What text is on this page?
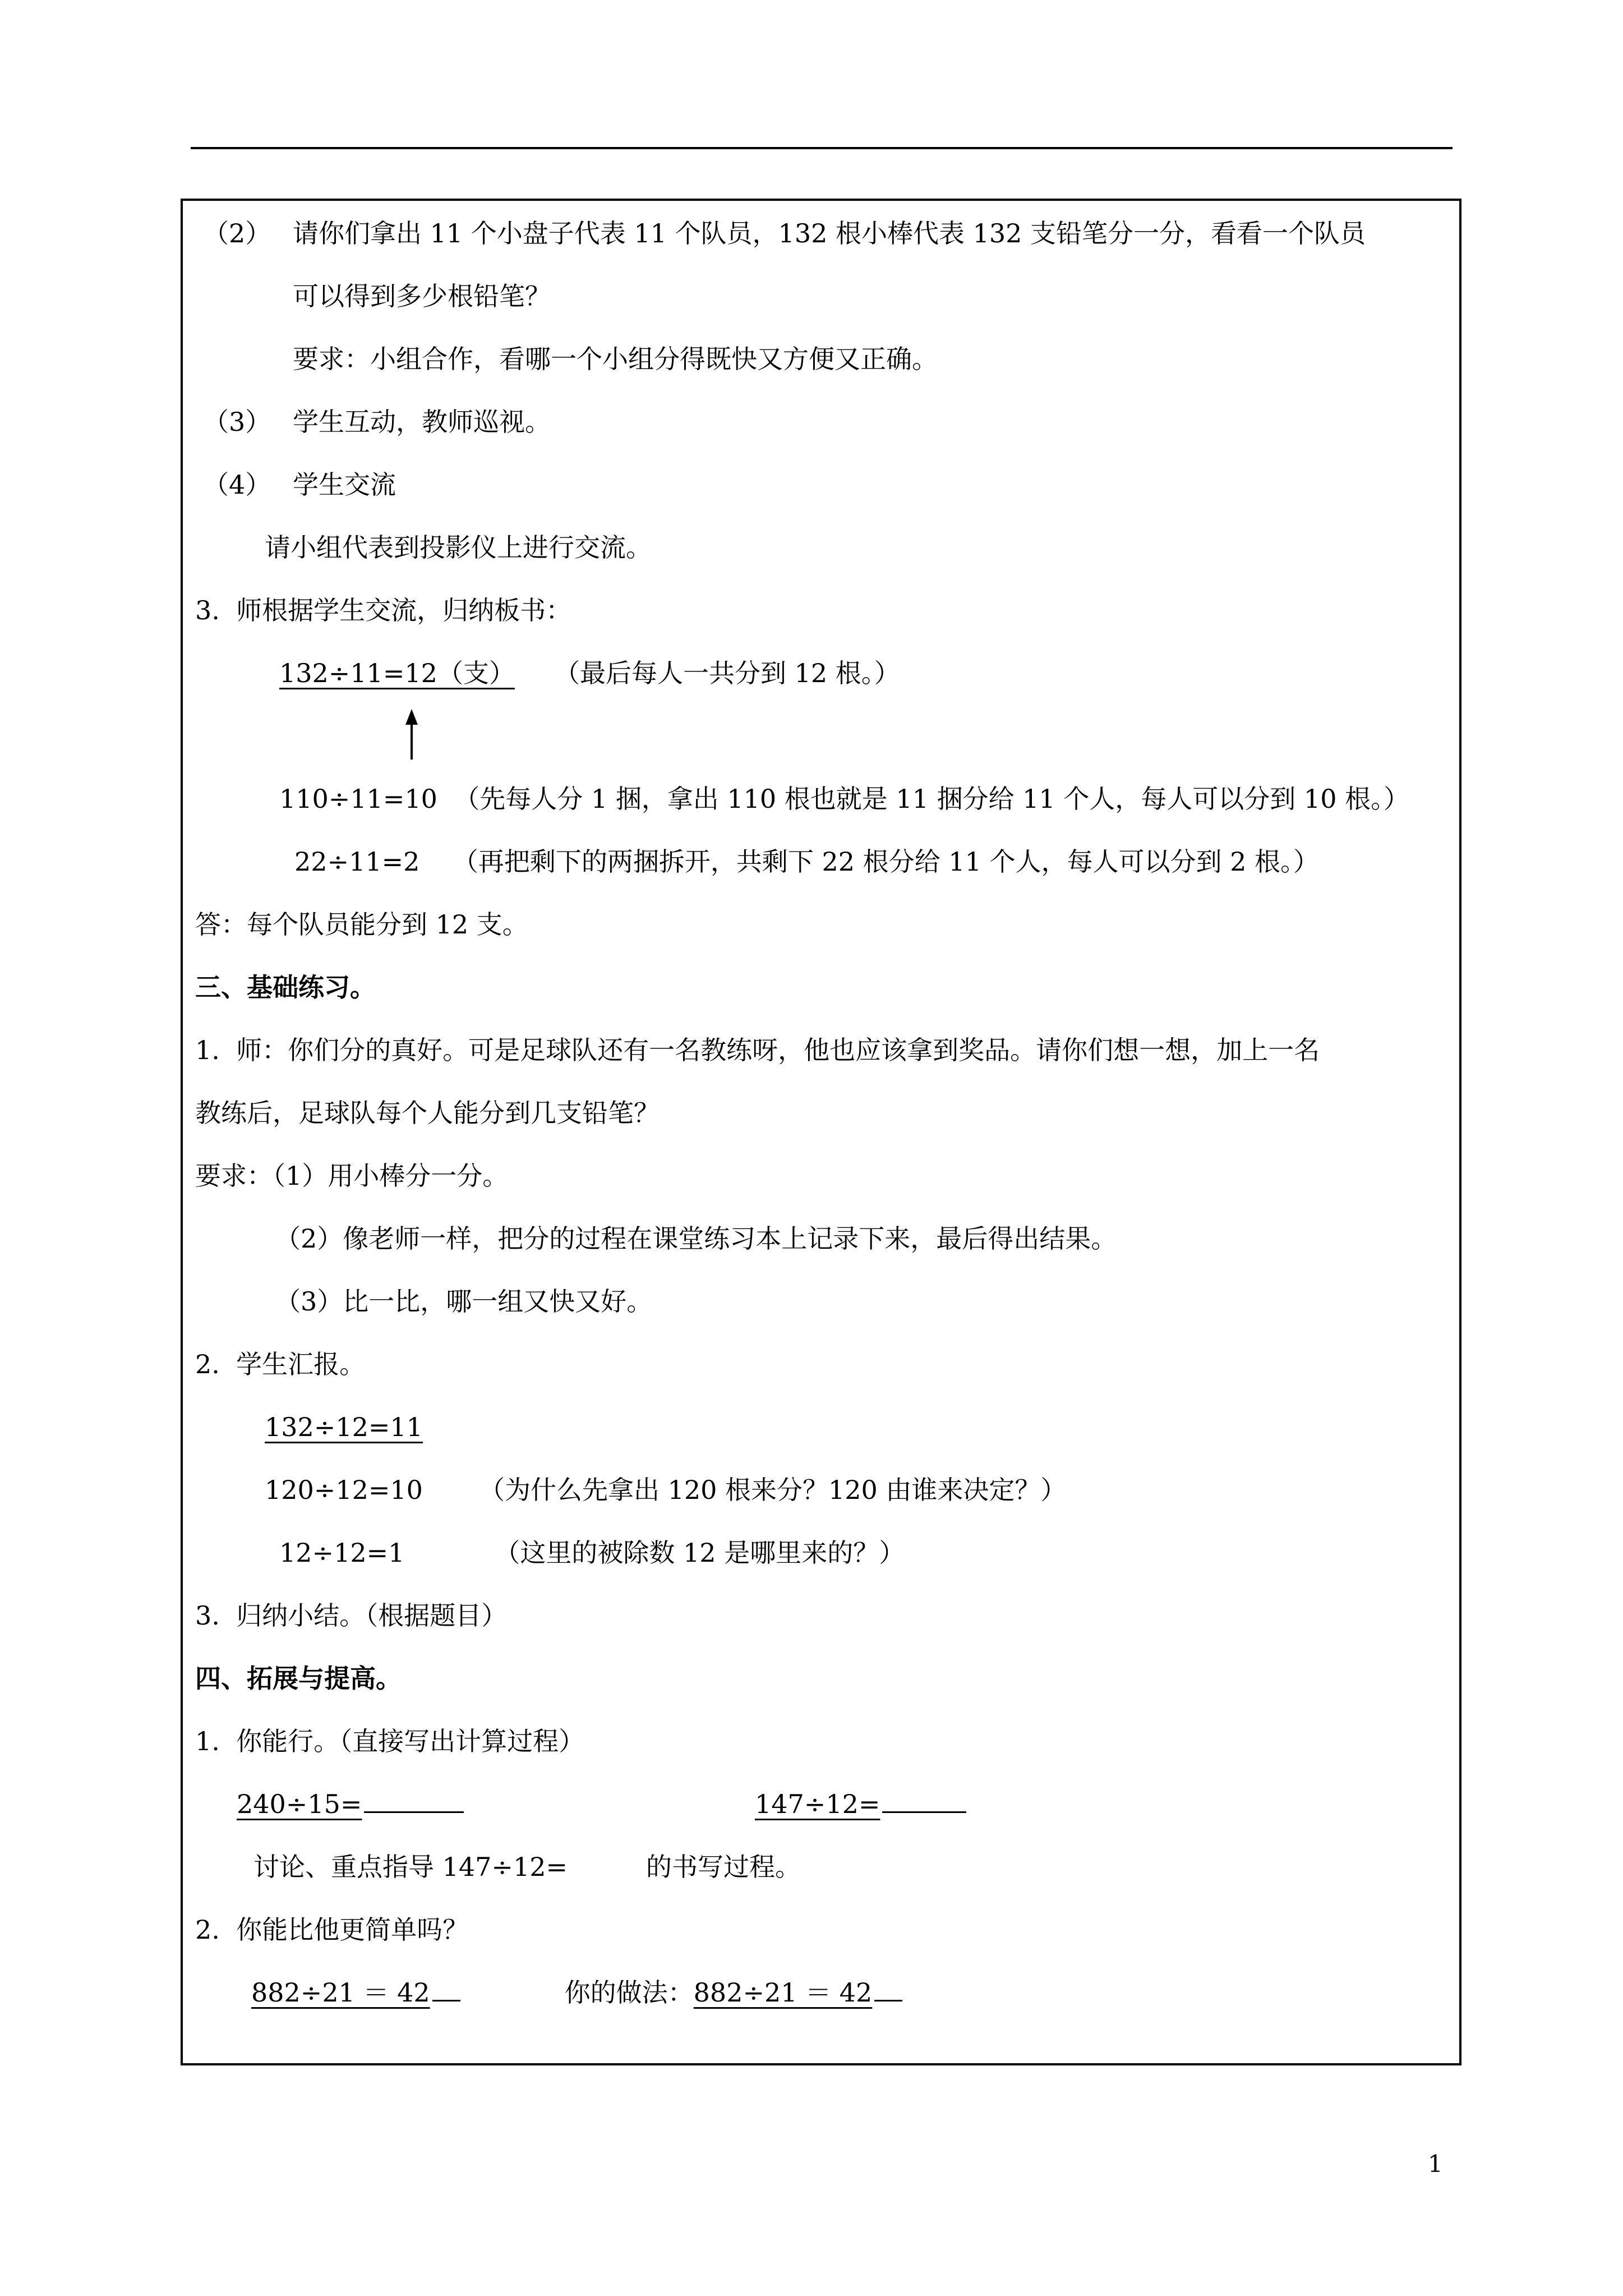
（2） 请你们拿出 11 个小盘子代表 11 个队员，132 根小棒代表 132 支铅笔分一分，看看一个队员
可以得到多少根铅笔？
要求：小组合作，看哪一个小组分得既快又方便又正确。
（3） 学生互动，教师巡视。
（4） 学生交流
请小组代表到投影仪上进行交流。
3.  师根据学生交流，归纳板书：
132÷11=12（支） （最后每人一共分到 12 根。）
110÷11=10  （先每人分 1 捆，拿出 110 根也就是 11 捆分给 11 个人，每人可以分到 10 根。）
22÷11=2    （再把剩下的两捆拆开，共剩下 22 根分给 11 个人，每人可以分到 2 根。）
答：每个队员能分到 12 支。
三、基础练习。
1.  师：你们分的真好。可是足球队还有一名教练呀，他也应该拿到奖品。请你们想一想，加上一名
教练后，足球队每个人能分到几支铅笔？
要求：（1）用小棒分一分。
（2）像老师一样，把分的过程在课堂练习本上记录下来，最后得出结果。
（3）比一比，哪一组又快又好。
2.  学生汇报。
132÷12=11
120÷12=10 （为什么先拿出 120 根来分？120 由谁来决定？）
12÷12=1	（这里的被除数 12 是哪里来的？）
3.  归纳小结。（根据题目）
四、拓展与提高。
1.  你能行。（直接写出计算过程）
240÷15=	147÷12=
讨论、重点指导 147÷12=	的书写过程。
2.  你能比他更简单吗？
882÷21 ＝ 42	你的做法：882÷21 ＝ 42
1
